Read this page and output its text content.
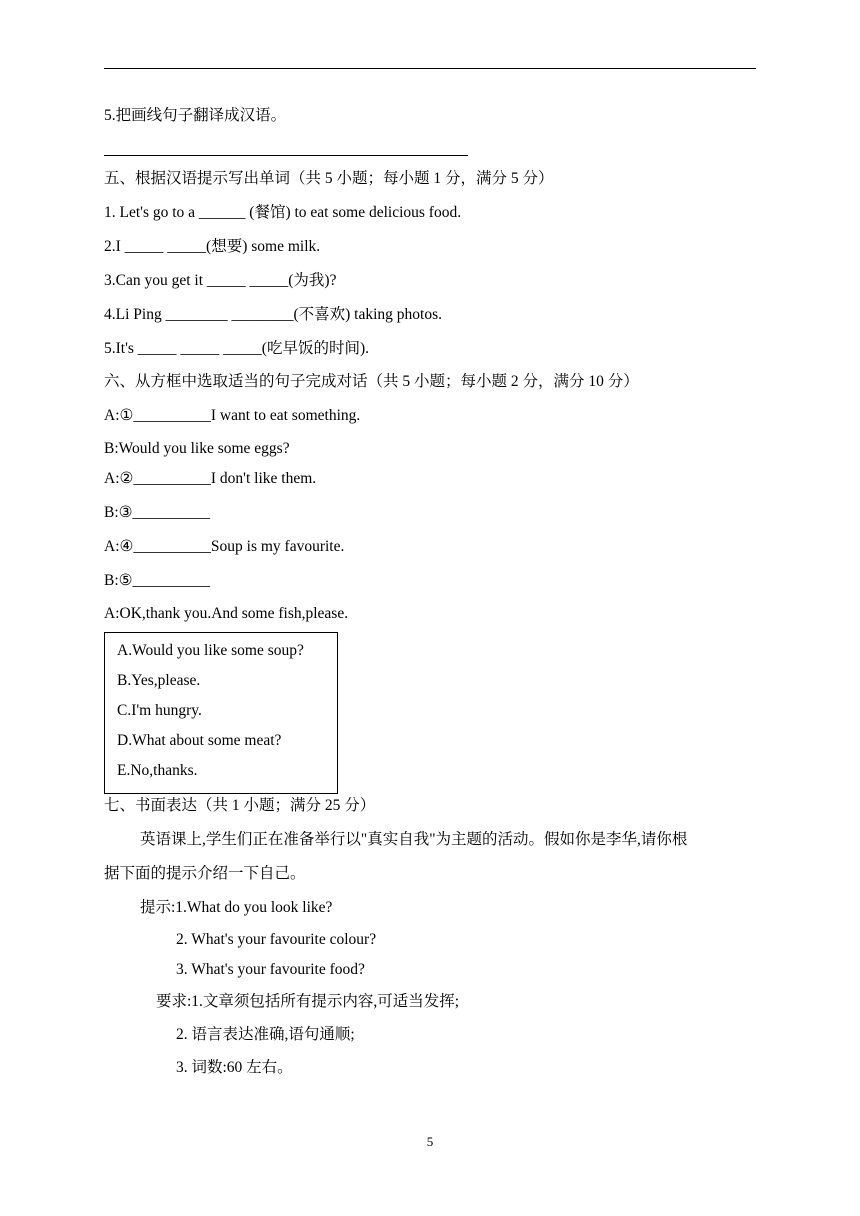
5.把画线句子翻译成汉语。
五、根据汉语提示写出单词（共 5 小题；每小题 1 分，满分 5 分）
1. Let's go to a ______ (餐馆) to eat some delicious food.
2.I _____ _____(想要) some milk.
3.Can you get it _____ _____(为我)?
4.Li Ping ________ ________(不喜欢) taking photos.
5.It's _____ _____ _____(吃早饭的时间).
六、从方框中选取适当的句子完成对话（共 5 小题；每小题 2 分，满分 10 分）
A:①__________I want to eat something.
B:Would you like some eggs?
A:②__________I don't like them.
B:③__________
A:④__________Soup is my favourite.
B:⑤__________
A:OK,thank you.And some fish,please.
A.Would you like some soup?
B.Yes,please.
C.I'm hungry.
D.What about some meat?
E.No,thanks.
七、书面表达（共 1 小题；满分 25 分）
英语课上,学生们正在准备举行以"真实自我"为主题的活动。假如你是李华,请你根
据下面的提示介绍一下自己。
提示:1.What do you look like?
2. What's your favourite colour?
3. What's your favourite food?
要求:1.文章须包括所有提示内容,可适当发挥;
2. 语言表达准确,语句通顺;
3. 词数:60 左右。
5
